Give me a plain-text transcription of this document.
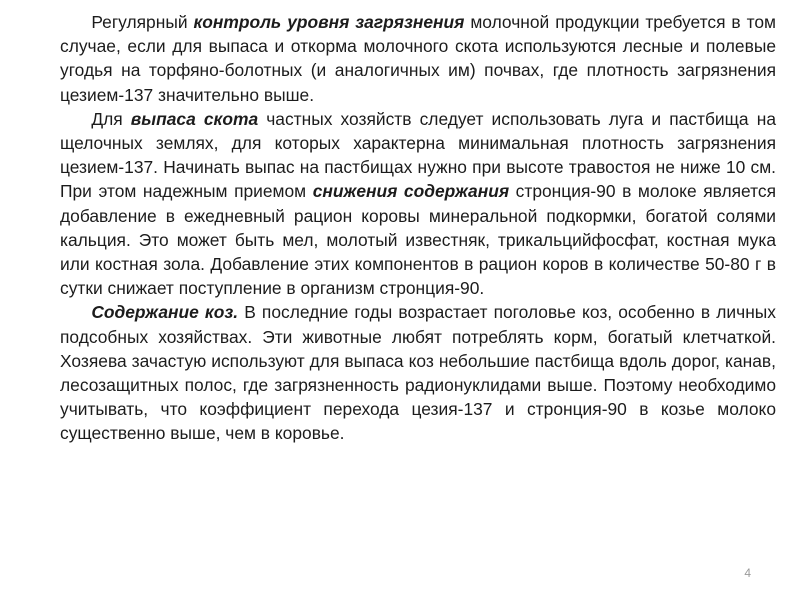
Регулярный контроль уровня загрязнения молочной продукции требуется в том случае, если для выпаса и откорма молочного скота используются лесные и полевые угодья на торфяно-болотных (и аналогичных им) почвах, где плотность загрязнения цезием-137 значительно выше.

Для выпаса скота частных хозяйств следует использовать луга и пастбища на щелочных землях, для которых характерна минимальная плотность загрязнения цезием-137. Начинать выпас на пастбищах нужно при высоте травостоя не ниже 10 см. При этом надежным приемом снижения содержания стронция-90 в молоке является добавление в ежедневный рацион коровы минеральной подкормки, богатой солями кальция. Это может быть мел, молотый известняк, трикальцийфосфат, костная мука или костная зола. Добавление этих компонентов в рацион коров в количестве 50-80 г в сутки снижает поступление в организм стронция-90.

Содержание коз. В последние годы возрастает поголовье коз, особенно в личных подсобных хозяйствах. Эти животные любят потреблять корм, богатый клетчаткой. Хозяева зачастую используют для выпаса коз небольшие пастбища вдоль дорог, канав, лесозащитных полос, где загрязненность радионуклидами выше. Поэтому необходимо учитывать, что коэффициент перехода цезия-137 и стронция-90 в козье молоко существенно выше, чем в коровье.

4
